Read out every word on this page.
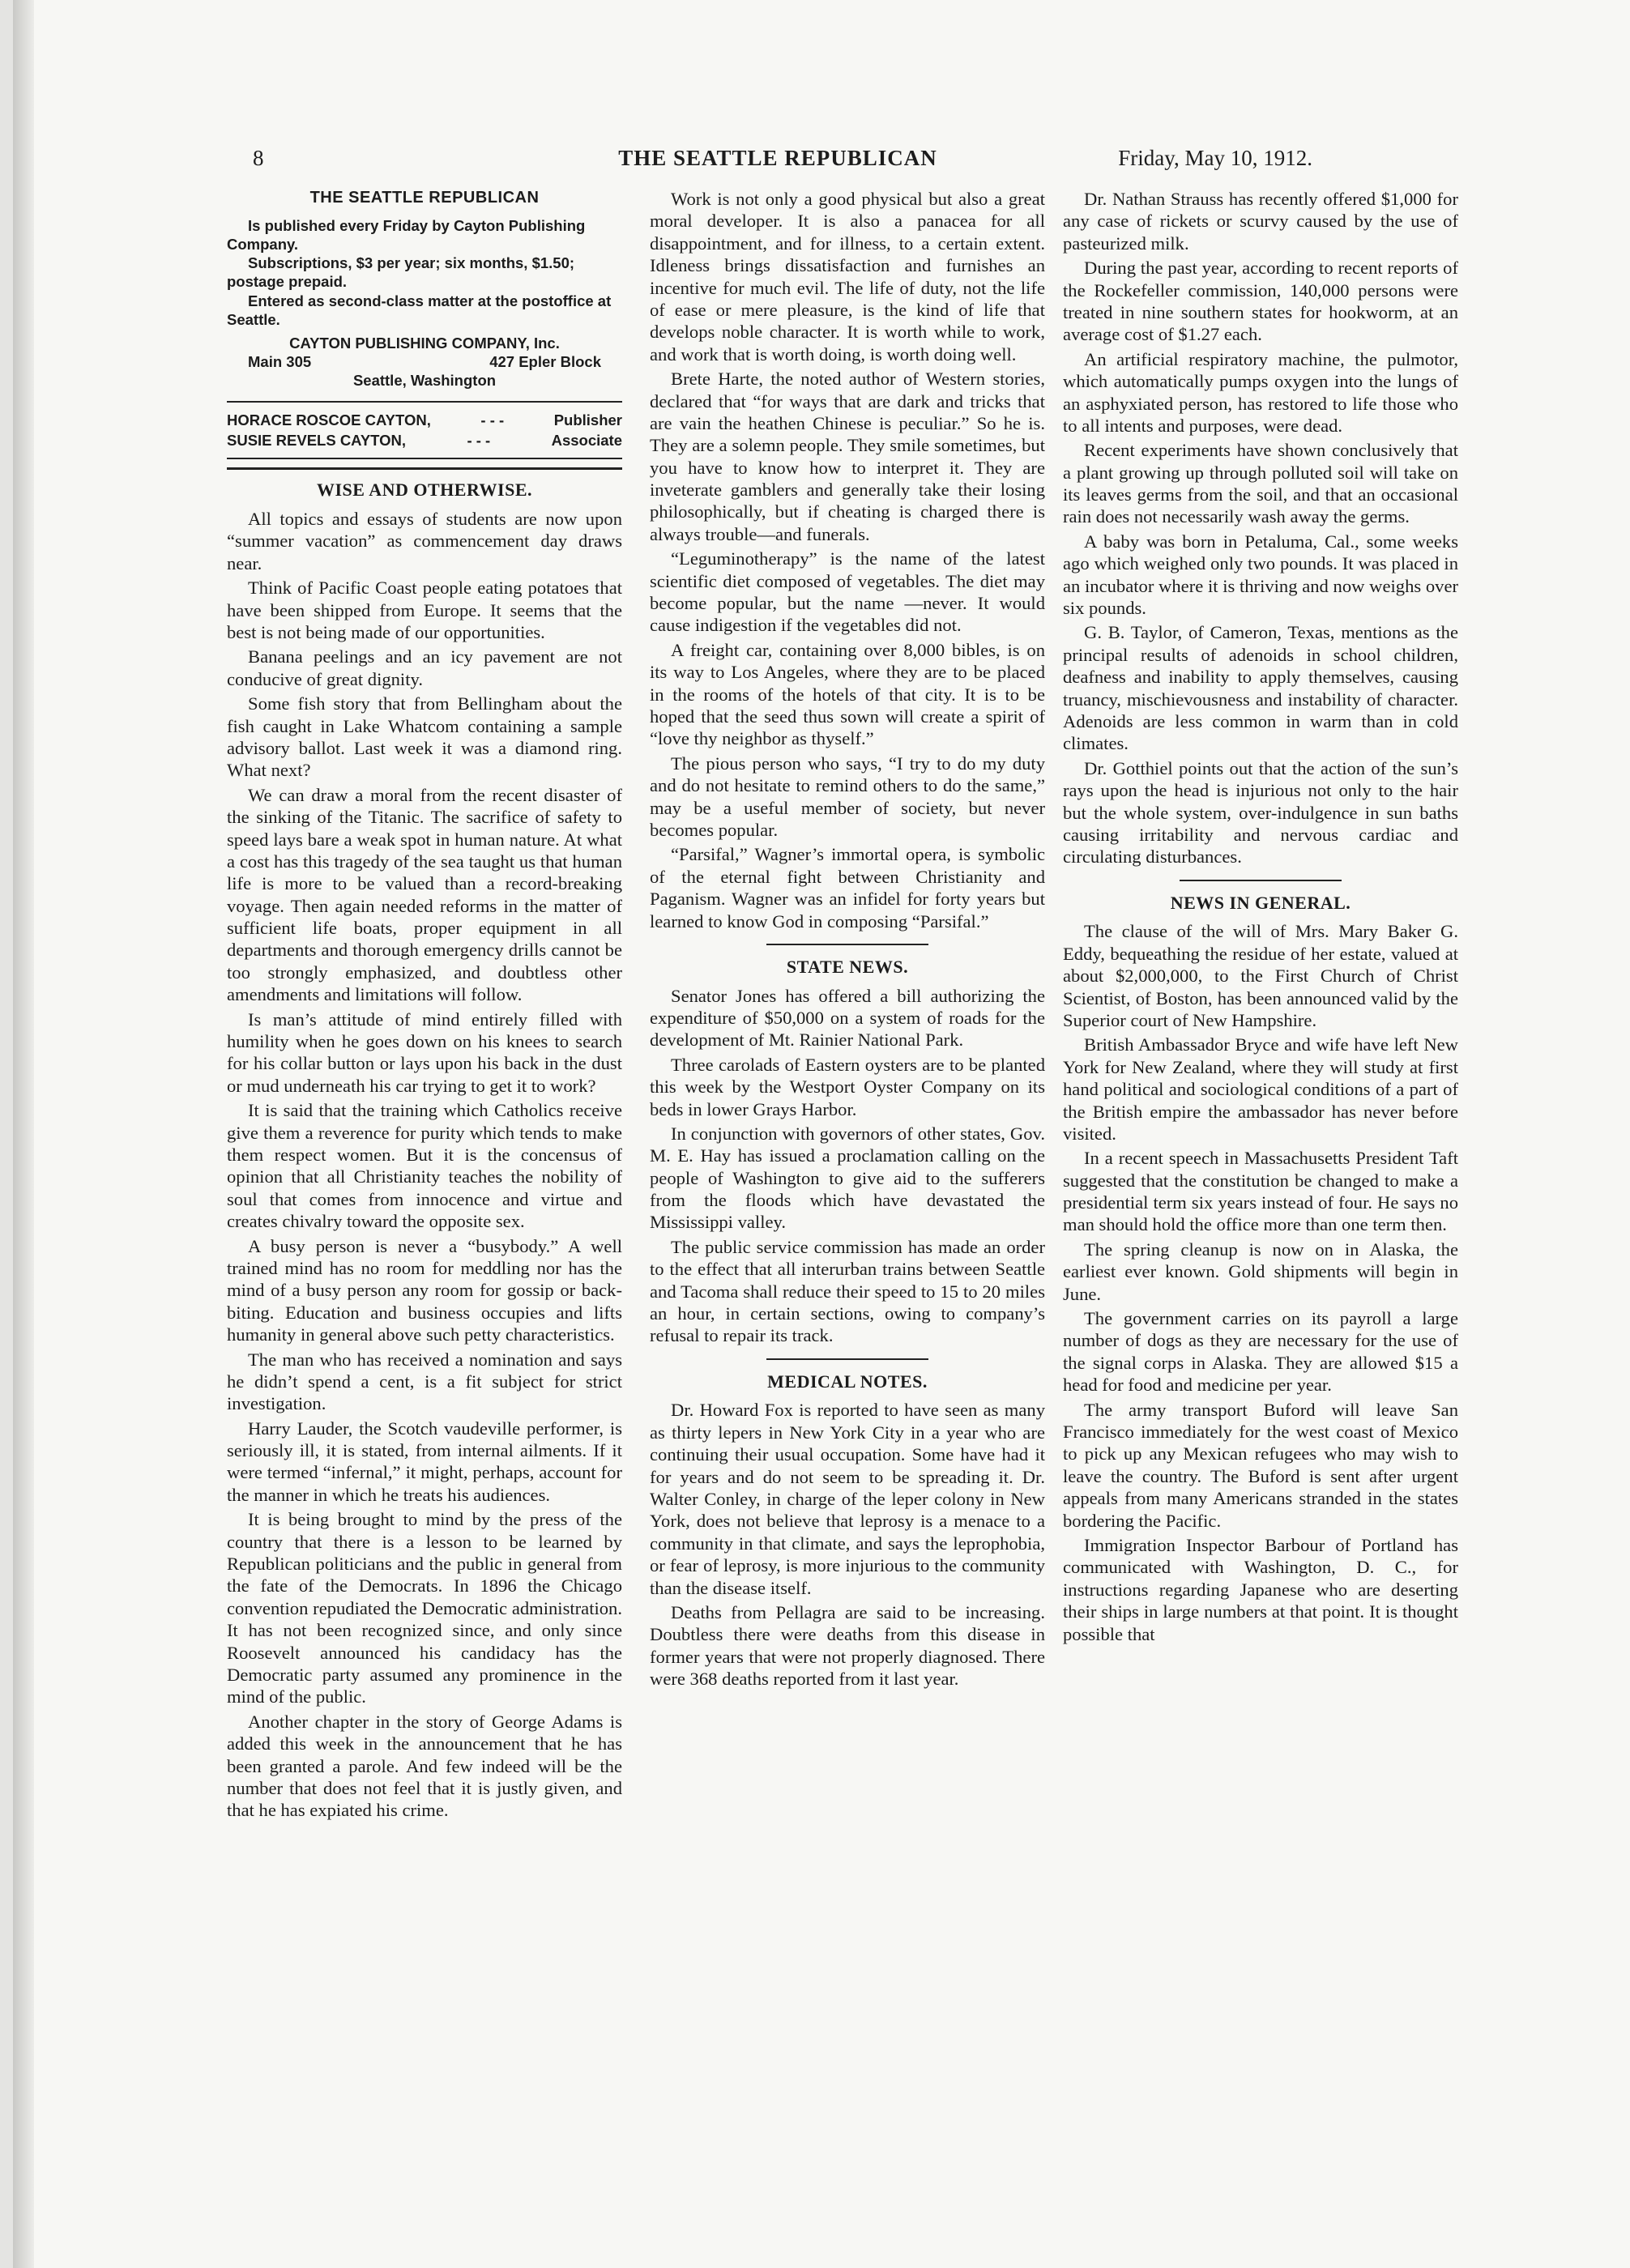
8	THE SEATTLE REPUBLICAN	Friday, May 10, 1912.
THE SEATTLE REPUBLICAN

Is published every Friday by Cayton Publishing Company.

Subscriptions, $3 per year; six months, $1.50; postage prepaid.

Entered as second-class matter at the postoffice at Seattle.

CAYTON PUBLISHING COMPANY, Inc.
Main 305	427 Epler Block
Seattle, Washington
HORACE ROSCOE CAYTON,	- - -	Publisher
SUSIE REVELS CAYTON,	- - -	Associate
WISE AND OTHERWISE.

All topics and essays of students are now upon “summer vacation” as commencement day draws near.

Think of Pacific Coast people eating potatoes that have been shipped from Europe. It seems that the best is not being made of our opportunities.

Banana peelings and an icy pavement are not conducive of great dignity.

Some fish story that from Bellingham about the fish caught in Lake Whatcom containing a sample advisory ballot. Last week it was a diamond ring. What next?

We can draw a moral from the recent disaster of the sinking of the Titanic. The sacrifice of safety to speed lays bare a weak spot in human nature. At what a cost has this tragedy of the sea taught us that human life is more to be valued than a record-breaking voyage. Then again needed reforms in the matter of sufficient life boats, proper equipment in all departments and thorough emergency drills cannot be too strongly emphasized, and doubtless other amendments and limitations will follow.

Is man’s attitude of mind entirely filled with humility when he goes down on his knees to search for his collar button or lays upon his back in the dust or mud underneath his car trying to get it to work?

It is said that the training which Catholics receive give them a reverence for purity which tends to make them respect women. But it is the concensus of opinion that all Christianity teaches the nobility of soul that comes from innocence and virtue and creates chivalry toward the opposite sex.

A busy person is never a “busybody.” A well trained mind has no room for meddling nor has the mind of a busy person any room for gossip or back-biting. Education and business occupies and lifts humanity in general above such petty characteristics.

The man who has received a nomination and says he didn’t spend a cent, is a fit subject for strict investigation.

Harry Lauder, the Scotch vaudeville performer, is seriously ill, it is stated, from internal ailments. If it were termed “infernal,” it might, perhaps, account for the manner in which he treats his audiences.

It is being brought to mind by the press of the country that there is a lesson to be learned by Republican politicians and the public in general from the fate of the Democrats. In 1896 the Chicago convention repudiated the Democratic administration. It has not been recognized since, and only since Roosevelt announced his candidacy has the Democratic party assumed any prominence in the mind of the public.

Another chapter in the story of George Adams is added this week in the announcement that he has been granted a parole. And few indeed will be the number that does not feel that it is justly given, and that he has expiated his crime.

Work is not only a good physical but also a great moral developer. It is also a panacea for all disappointment, and for illness, to a certain extent. Idleness brings dissatisfaction and furnishes an incentive for much evil. The life of duty, not the life of ease or mere pleasure, is the kind of life that develops noble character. It is worth while to work, and work that is worth doing, is worth doing well.

Brete Harte, the noted author of Western stories, declared that “for ways that are dark and tricks that are vain the heathen Chinese is peculiar.” So he is. They are a solemn people. They smile sometimes, but you have to know how to interpret it. They are inveterate gamblers and generally take their losing philosophically, but if cheating is charged there is always trouble—and funerals.

“Leguminotherapy” is the name of the latest scientific diet composed of vegetables. The diet may become popular, but the name —never. It would cause indigestion if the vegetables did not.

A freight car, containing over 8,000 bibles, is on its way to Los Angeles, where they are to be placed in the rooms of the hotels of that city. It is to be hoped that the seed thus sown will create a spirit of “love thy neighbor as thyself.”

The pious person who says, “I try to do my duty and do not hesitate to remind others to do the same,” may be a useful member of society, but never becomes popular.

“Parsifal,” Wagner’s immortal opera, is symbolic of the eternal fight between Christianity and Paganism. Wagner was an infidel for forty years but learned to know God in composing “Parsifal.”

STATE NEWS.

Senator Jones has offered a bill authorizing the expenditure of $50,000 on a system of roads for the development of Mt. Rainier National Park.

Three carolads of Eastern oysters are to be planted this week by the Westport Oyster Company on its beds in lower Grays Harbor.

In conjunction with governors of other states, Gov. M. E. Hay has issued a proclamation calling on the people of Washington to give aid to the sufferers from the floods which have devastated the Mississippi valley.

The public service commission has made an order to the effect that all interurban trains between Seattle and Tacoma shall reduce their speed to 15 to 20 miles an hour, in certain sections, owing to company’s refusal to repair its track.

MEDICAL NOTES.

Dr. Howard Fox is reported to have seen as many as thirty lepers in New York City in a year who are continuing their usual occupation. Some have had it for years and do not seem to be spreading it. Dr. Walter Conley, in charge of the leper colony in New York, does not believe that leprosy is a menace to a community in that climate, and says the leprophobia, or fear of leprosy, is more injurious to the community than the disease itself.

Deaths from Pellagra are said to be increasing. Doubtless there were deaths from this disease in former years that were not properly diagnosed. There were 368 deaths reported from it last year.

Dr. Nathan Strauss has recently offered $1,000 for any case of rickets or scurvy caused by the use of pasteurized milk.

During the past year, according to recent reports of the Rockefeller commission, 140,000 persons were treated in nine southern states for hookworm, at an average cost of $1.27 each.

An artificial respiratory machine, the pulmotor, which automatically pumps oxygen into the lungs of an asphyxiated person, has restored to life those who to all intents and purposes, were dead.

Recent experiments have shown conclusively that a plant growing up through polluted soil will take on its leaves germs from the soil, and that an occasional rain does not necessarily wash away the germs.

A baby was born in Petaluma, Cal., some weeks ago which weighed only two pounds. It was placed in an incubator where it is thriving and now weighs over six pounds.

G. B. Taylor, of Cameron, Texas, mentions as the principal results of adenoids in school children, deafness and inability to apply themselves, causing truancy, mischievousness and instability of character. Adenoids are less common in warm than in cold climates.

Dr. Gotthiel points out that the action of the sun’s rays upon the head is injurious not only to the hair but the whole system, over-indulgence in sun baths causing irritability and nervous cardiac and circulating disturbances.

NEWS IN GENERAL.

The clause of the will of Mrs. Mary Baker G. Eddy, bequeathing the residue of her estate, valued at about $2,000,000, to the First Church of Christ Scientist, of Boston, has been announced valid by the Superior court of New Hampshire.

British Ambassador Bryce and wife have left New York for New Zealand, where they will study at first hand political and sociological conditions of a part of the British empire the ambassador has never before visited.

In a recent speech in Massachusetts President Taft suggested that the constitution be changed to make a presidential term six years instead of four. He says no man should hold the office more than one term then.

The spring cleanup is now on in Alaska, the earliest ever known. Gold shipments will begin in June.

The government carries on its payroll a large number of dogs as they are necessary for the use of the signal corps in Alaska. They are allowed $15 a head for food and medicine per year.

The army transport Buford will leave San Francisco immediately for the west coast of Mexico to pick up any Mexican refugees who may wish to leave the country. The Buford is sent after urgent appeals from many Americans stranded in the states bordering the Pacific.

Immigration Inspector Barbour of Portland has communicated with Washington, D. C., for instructions regarding Japanese who are deserting their ships in large numbers at that point. It is thought possible that
